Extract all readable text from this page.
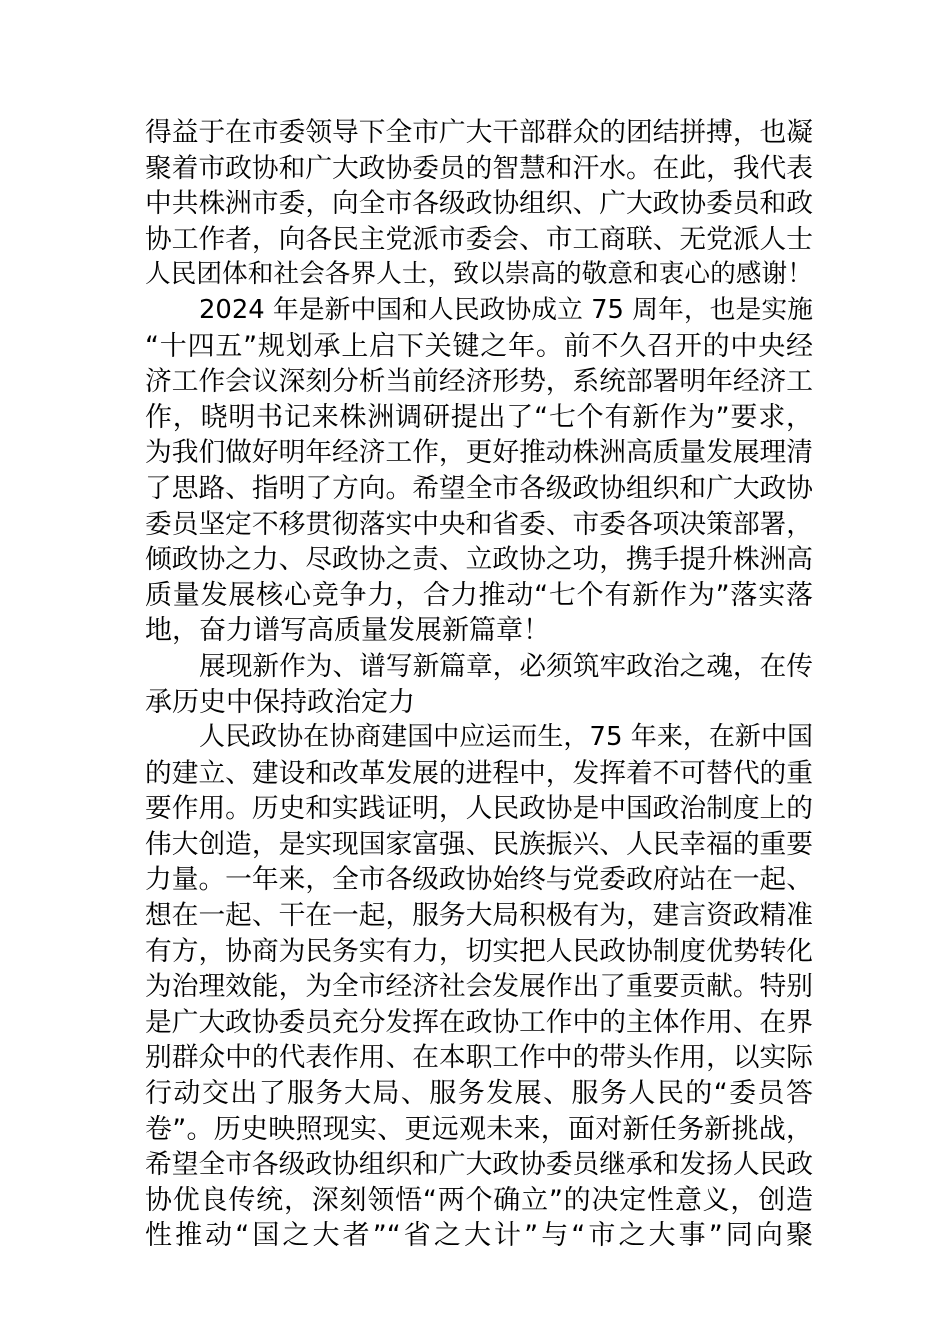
得益于在市委领导下全市广大干部群众的团结拼搏，也凝
聚着市政协和广大政协委员的智慧和汗水。在此，我代表
中共株洲市委，向全市各级政协组织、广大政协委员和政
协工作者，向各民主党派市委会、市工商联、无党派人士
人民团体和社会各界人士，致以崇高的敬意和衷心的感谢！
2024 年是新中国和人民政协成立 75 周年，也是实施
“十四五”规划承上启下关键之年。前不久召开的中央经
济工作会议深刻分析当前经济形势，系统部署明年经济工
作，晓明书记来株洲调研提出了“七个有新作为”要求，
为我们做好明年经济工作，更好推动株洲高质量发展理清
了思路、指明了方向。希望全市各级政协组织和广大政协
委员坚定不移贯彻落实中央和省委、市委各项决策部署，
倾政协之力、尽政协之责、立政协之功，携手提升株洲高
质量发展核心竞争力，合力推动“七个有新作为”落实落
地，奋力谱写高质量发展新篇章！
展现新作为、谱写新篇章，必须筑牢政治之魂，在传
承历史中保持政治定力
人民政协在协商建国中应运而生，75 年来，在新中国
的建立、建设和改革发展的进程中，发挥着不可替代的重
要作用。历史和实践证明，人民政协是中国政治制度上的
伟大创造，是实现国家富强、民族振兴、人民幸福的重要
力量。一年来，全市各级政协始终与党委政府站在一起、
想在一起、干在一起，服务大局积极有为，建言资政精准
有方，协商为民务实有力，切实把人民政协制度优势转化
为治理效能，为全市经济社会发展作出了重要贡献。特别
是广大政协委员充分发挥在政协工作中的主体作用、在界
别群众中的代表作用、在本职工作中的带头作用，以实际
行动交出了服务大局、服务发展、服务人民的“委员答
卷”。历史映照现实、更远观未来，面对新任务新挑战，
希望全市各级政协组织和广大政协委员继承和发扬人民政
协优良传统，深刻领悟“两个确立”的决定性意义，创造
性推动“国之大者”“省之大计”与“市之大事”同向聚
